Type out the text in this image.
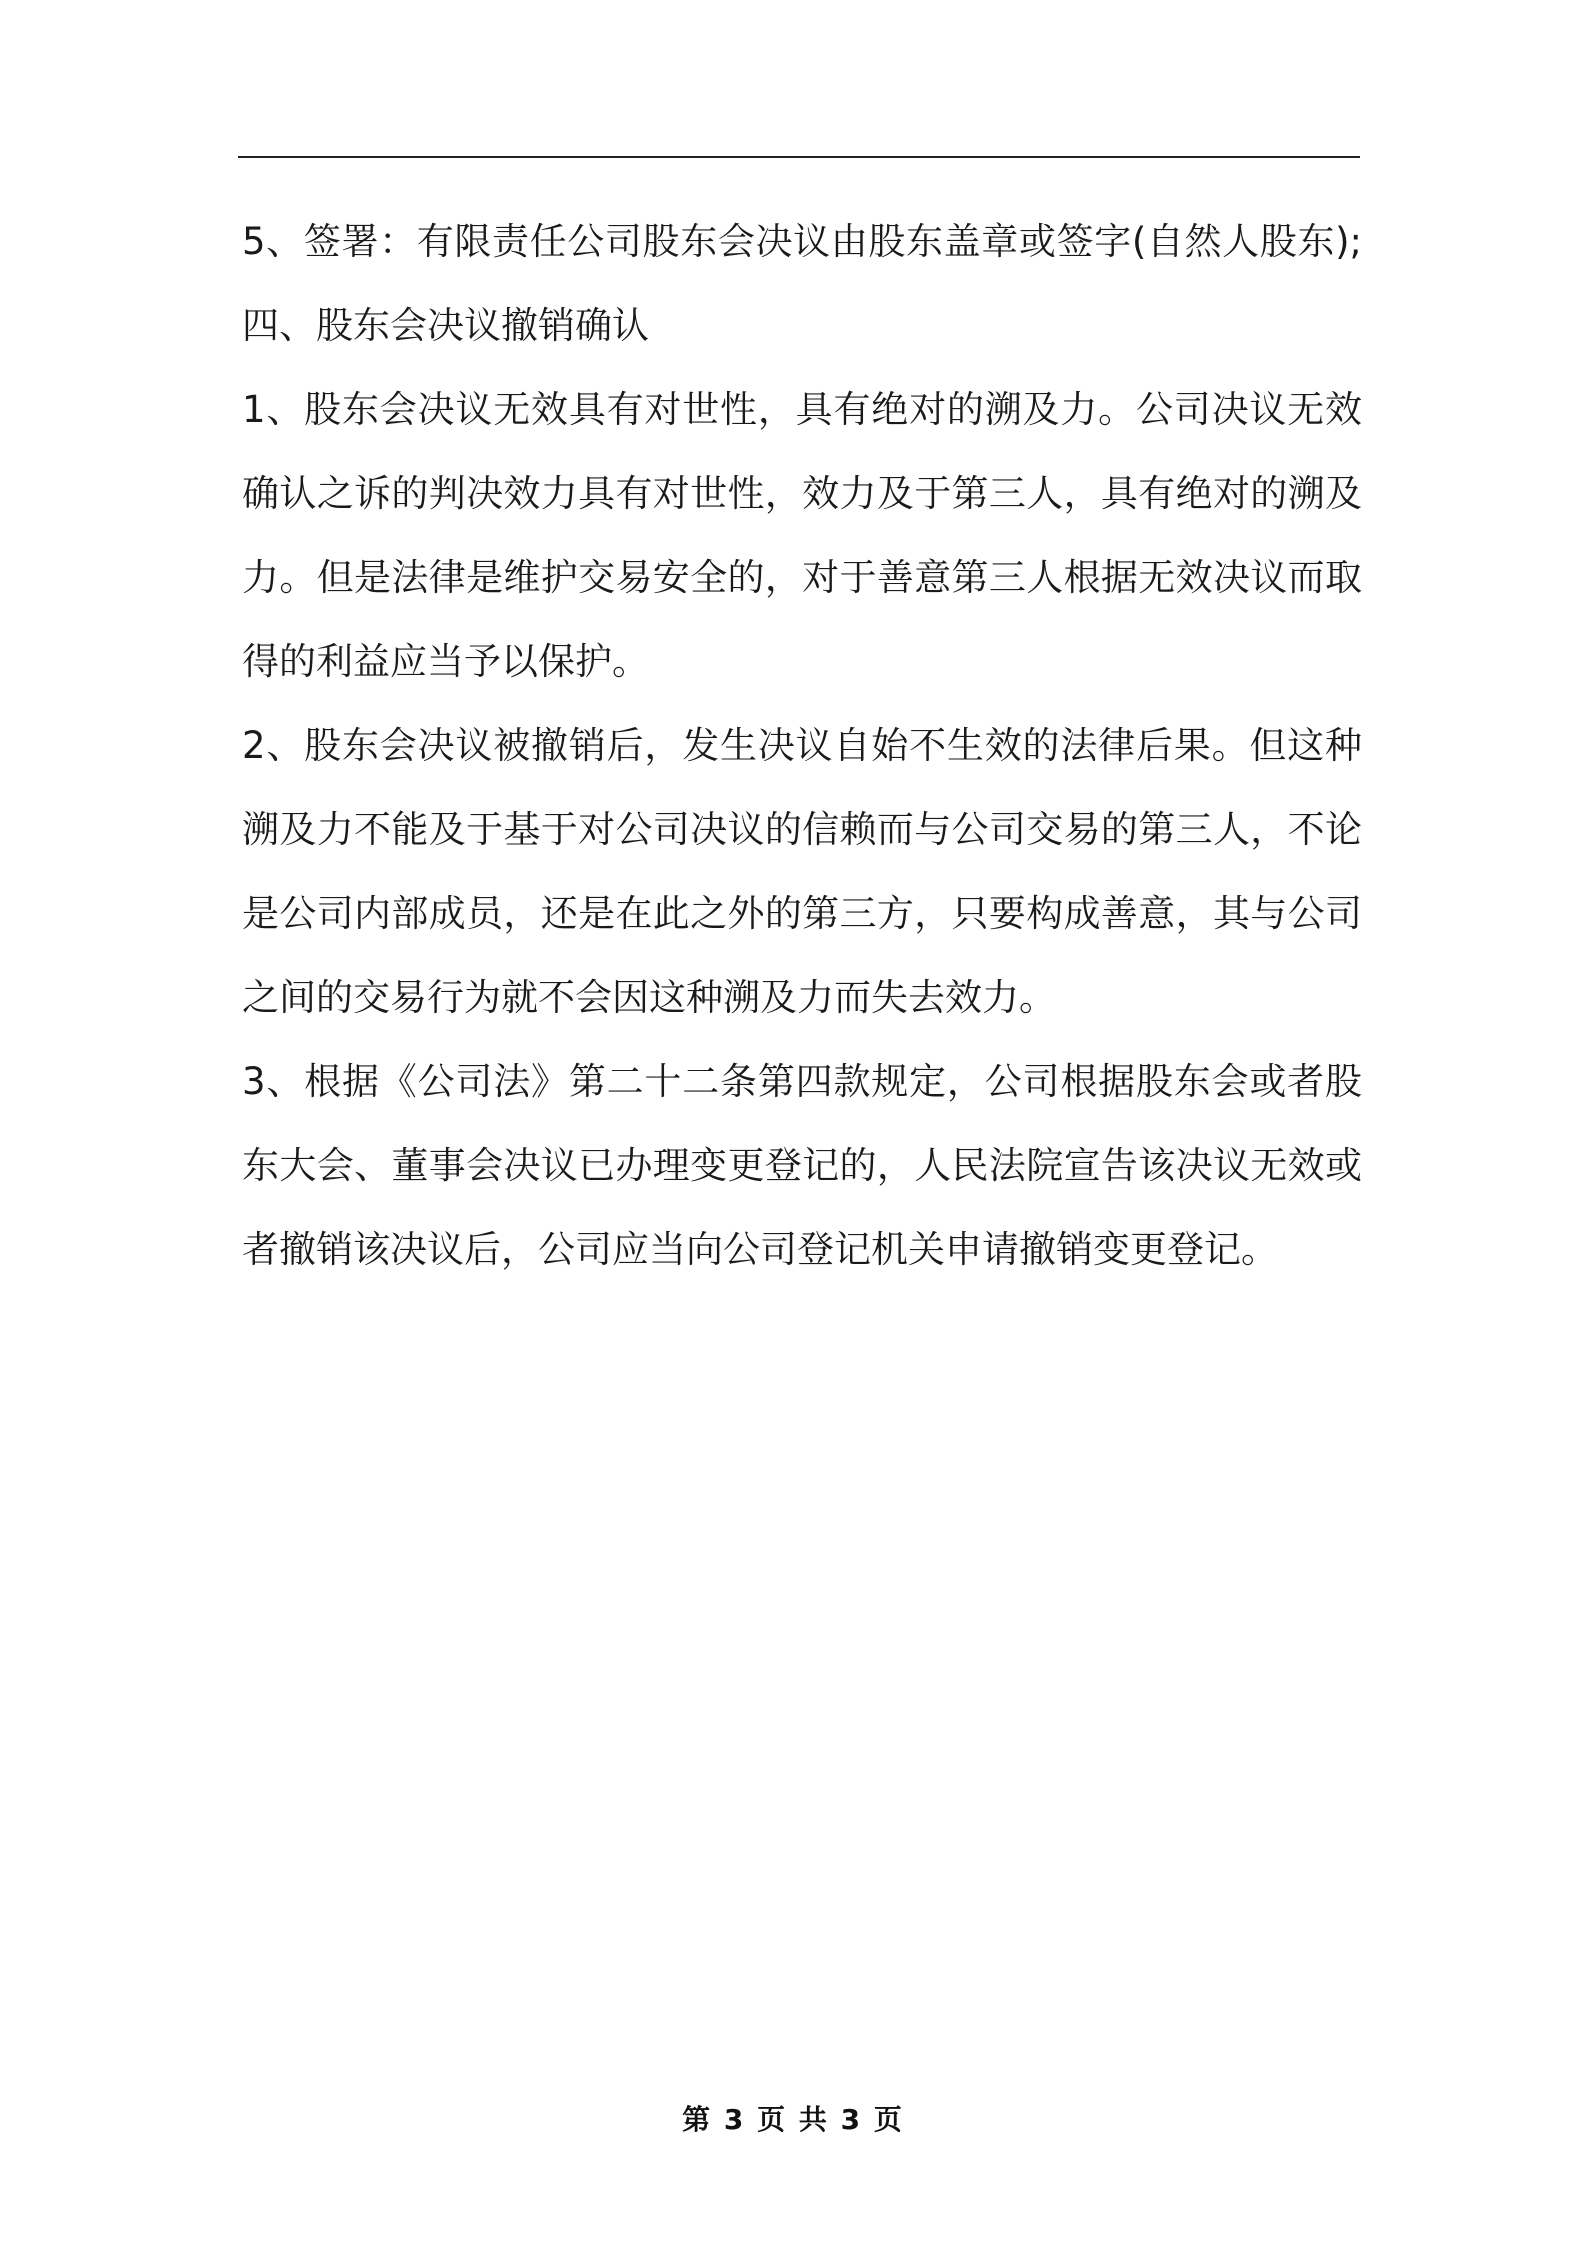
5、签署：有限责任公司股东会决议由股东盖章或签字(自然人股东);
四、股东会决议撤销确认
1、股东会决议无效具有对世性，具有绝对的溯及力。公司决议无效
确认之诉的判决效力具有对世性，效力及于第三人，具有绝对的溯及
力。但是法律是维护交易安全的，对于善意第三人根据无效决议而取
得的利益应当予以保护。
2、股东会决议被撤销后，发生决议自始不生效的法律后果。但这种
溯及力不能及于基于对公司决议的信赖而与公司交易的第三人，不论
是公司内部成员，还是在此之外的第三方，只要构成善意，其与公司
之间的交易行为就不会因这种溯及力而失去效力。
3、根据《公司法》第二十二条第四款规定，公司根据股东会或者股
东大会、董事会决议已办理变更登记的，人民法院宣告该决议无效或
者撤销该决议后，公司应当向公司登记机关申请撤销变更登记。
第 3 页 共 3 页
